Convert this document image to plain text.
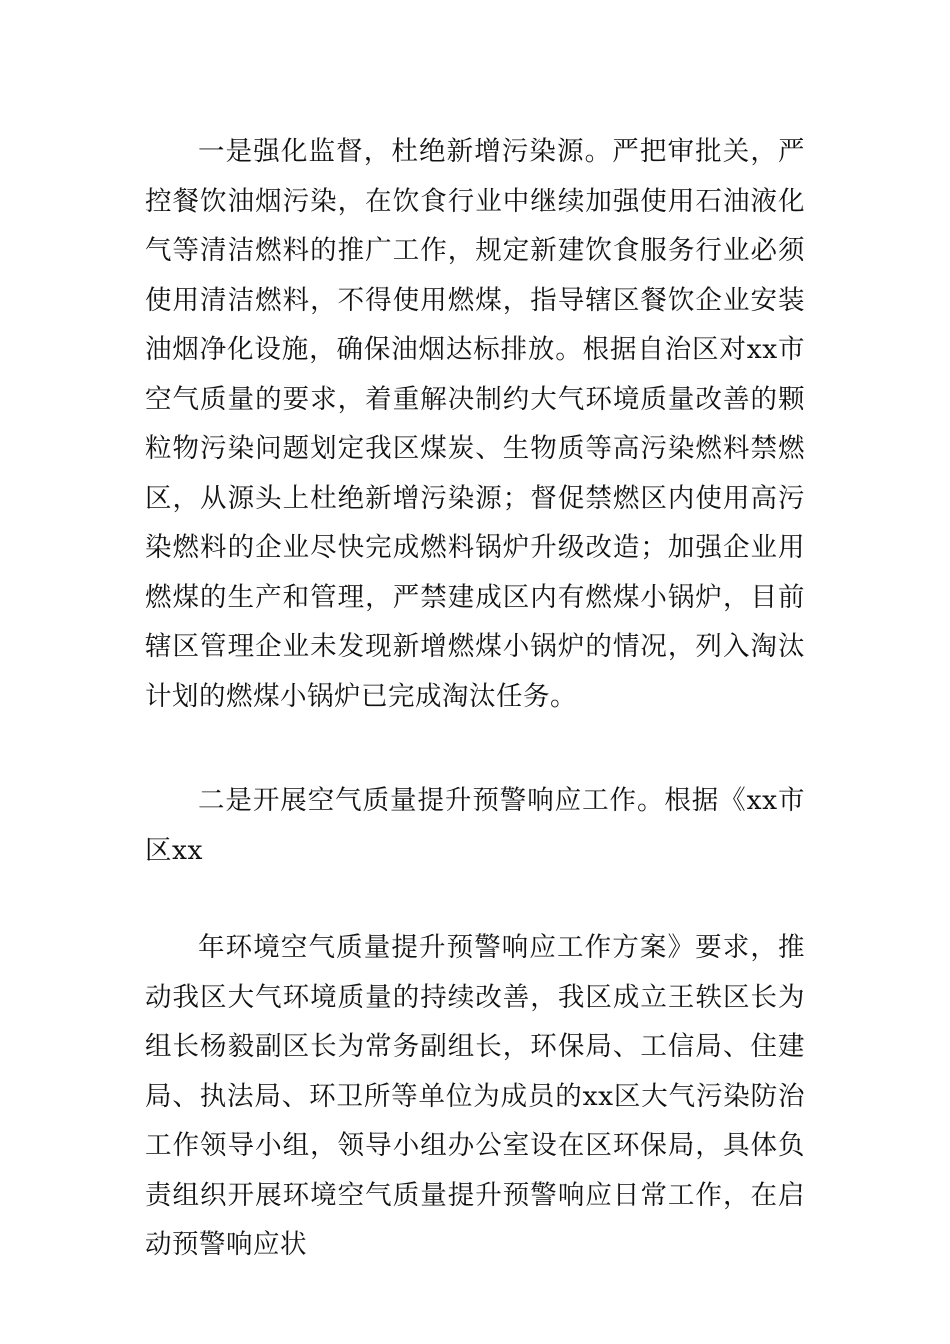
一是强化监督，杜绝新增污染源。严把审批关，严控餐饮油烟污染，在饮食行业中继续加强使用石油液化气等清洁燃料的推广工作，规定新建饮食服务行业必须使用清洁燃料，不得使用燃煤，指导辖区餐饮企业安装油烟净化设施，确保油烟达标排放。根据自治区对xx市空气质量的要求，着重解决制约大气环境质量改善的颗粒物污染问题划定我区煤炭、生物质等高污染燃料禁燃区，从源头上杜绝新增污染源；督促禁燃区内使用高污染燃料的企业尽快完成燃料锅炉升级改造；加强企业用燃煤的生产和管理，严禁建成区内有燃煤小锅炉，目前辖区管理企业未发现新增燃煤小锅炉的情况，列入淘汰计划的燃煤小锅炉已完成淘汰任务。

二是开展空气质量提升预警响应工作。根据《xx市区xx

年环境空气质量提升预警响应工作方案》要求，推动我区大气环境质量的持续改善，我区成立王轶区长为组长杨毅副区长为常务副组长，环保局、工信局、住建局、执法局、环卫所等单位为成员的xx区大气污染防治工作领导小组，领导小组办公室设在区环保局，具体负责组织开展环境空气质量提升预警响应日常工作，在启动预警响应状
